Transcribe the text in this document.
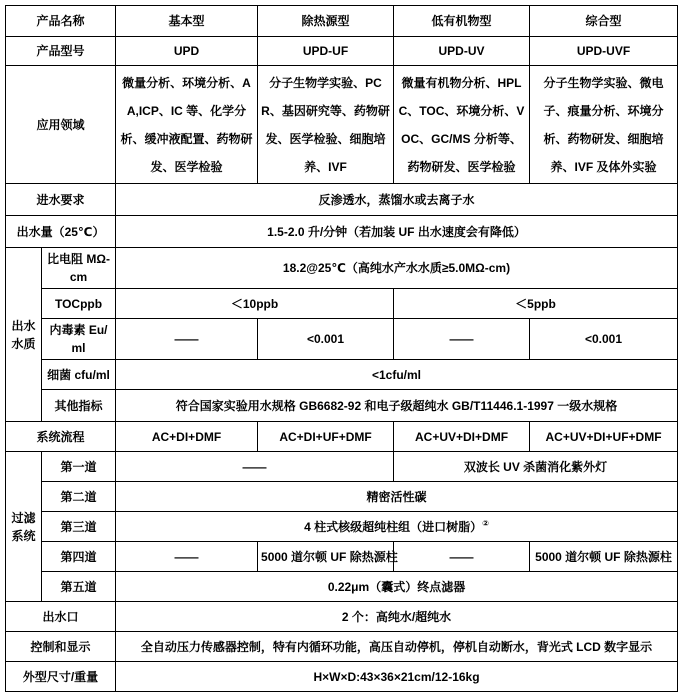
产品名称		基本型	除热源型	低有机物型	综合型
产品型号		UPD	UPD-UF	UPD-UV	UPD-UVF
应用领域		微量分析、环境分析、AA,ICP、IC 等、化学分析、缓冲液配置、药物研发、医学检验	分子生物学实验、PCR、基因研究等、药物研发、医学检验、细胞培养、IVF	微量有机物分析、HPLC、TOC、环境分析、VOC、GC/MS 分析等、药物研发、医学检验	分子生物学实验、微电子、痕量分析、环境分析、药物研发、细胞培养、IVF 及体外实验
进水要求		反渗透水，蒸馏水或去离子水			
出水量（25℃）		1.5-2.0 升/分钟（若加装 UF 出水速度会有降低）			
出水水质	比电阻 MΩ-cm	18.2@25℃（高纯水产水水质≥5.0MΩ-cm)			
	TOCppb	＜10ppb		＜5ppb	
	内毒素 Eu/ml	——	<0.001	——	<0.001
	细菌 cfu/ml	<1cfu/ml			
	其他指标	符合国家实验用水规格 GB6682-92 和电子级超纯水 GB/T11446.1-1997 一级水规格			
系统流程		AC+DI+DMF	AC+DI+UF+DMF	AC+UV+DI+DMF	AC+UV+DI+UF+DMF
过滤系统	第一道	——		双波长 UV 杀菌消化紫外灯	
	第二道	精密活性碳			
	第三道	4 柱式核级超纯柱组（进口树脂）②
	第四道	——	5000 道尔顿 UF 除热源柱	——	5000 道尔顿 UF 除热源柱
	第五道	0.22μm（囊式）终点滤器			
出水口		2 个：高纯水/超纯水			
控制和显示		全自动压力传感器控制，特有内循环功能，高压自动停机，停机自动断水，背光式 LCD 数字显示			
外型尺寸/重量		H×W×D:43×36×21cm/12-16kg			
